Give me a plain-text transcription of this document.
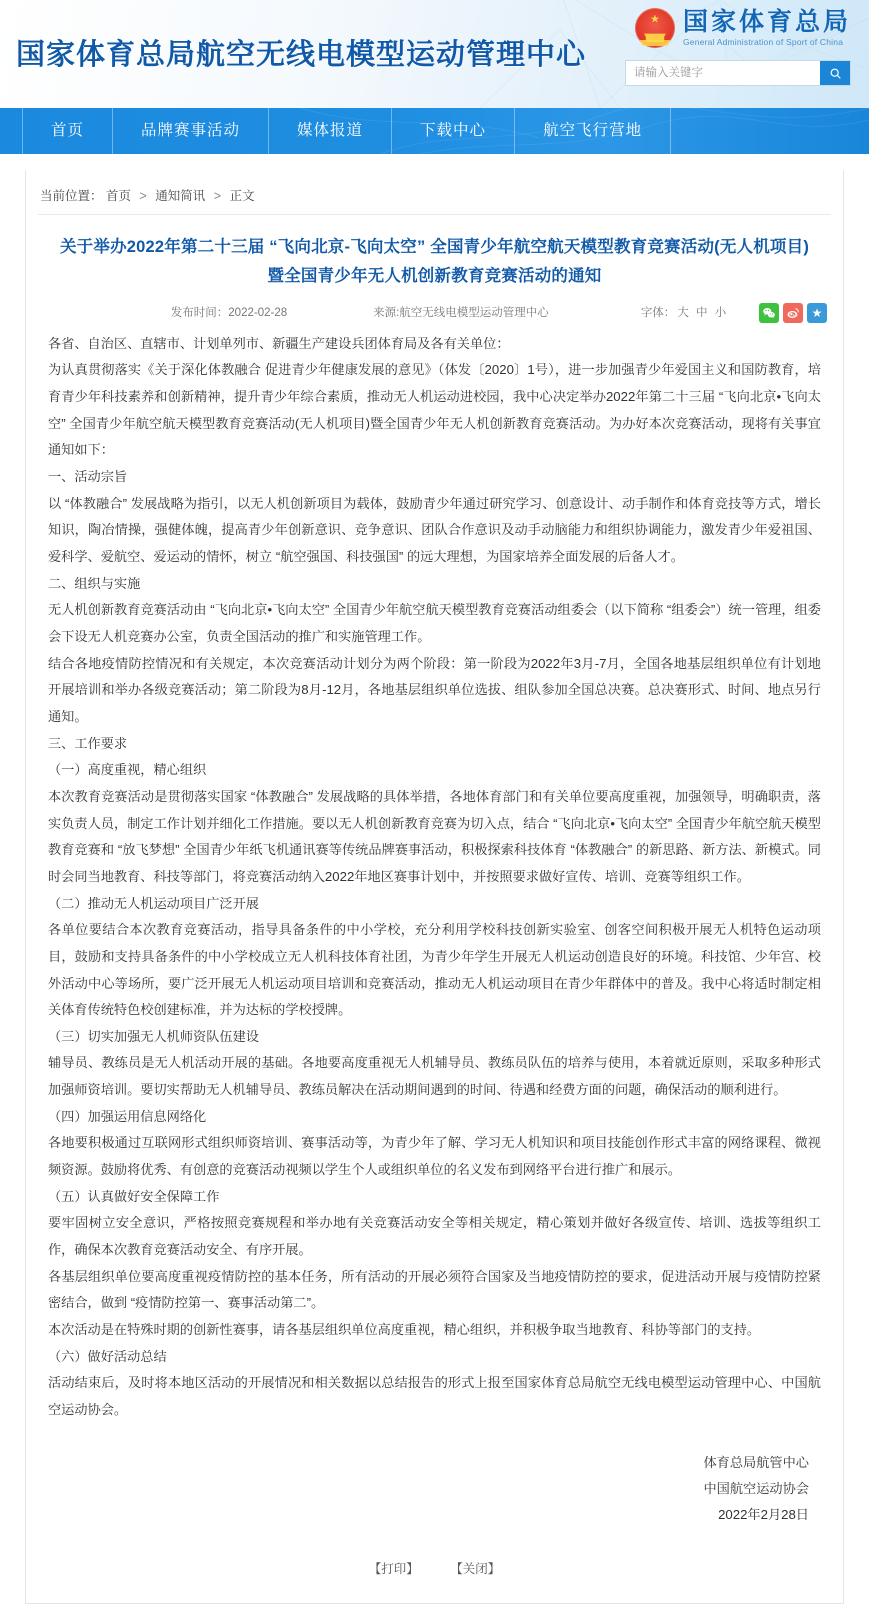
国家体育总局航空无线电模型运动管理中心
★ 国家体育总局
General Administration of Sport of China
请输入关键字
首页	品牌赛事活动	媒体报道	下载中心	航空飞行营地
当前位置： 首页 > 通知简讯 > 正文
关于举办2022年第二十三届 “飞向北京-飞向太空” 全国青少年航空航天模型教育竞赛活动(无人机项目)暨全国青少年无人机创新教育竞赛活动的通知
发布时间：2022-02-28	来源:航空无线电模型运动管理中心	字体： 大 中 小	★

各省、自治区、直辖市、计划单列市、新疆生产建设兵团体育局及各有关单位：

为认真贯彻落实《关于深化体教融合 促进青少年健康发展的意见》（体发〔2020〕1号），进一步加强青少年爱国主义和国防教育，培育青少年科技素养和创新精神，提升青少年综合素质，推动无人机运动进校园，我中心决定举办2022年第二十三届 “飞向北京•飞向太空” 全国青少年航空航天模型教育竞赛活动(无人机项目)暨全国青少年无人机创新教育竞赛活动。为办好本次竞赛活动，现将有关事宜通知如下：

一、活动宗旨

以 “体教融合” 发展战略为指引，以无人机创新项目为载体，鼓励青少年通过研究学习、创意设计、动手制作和体育竞技等方式，增长知识，陶冶情操，强健体魄，提高青少年创新意识、竞争意识、团队合作意识及动手动脑能力和组织协调能力，激发青少年爱祖国、爱科学、爱航空、爱运动的情怀，树立 “航空强国、科技强国” 的远大理想，为国家培养全面发展的后备人才。

二、组织与实施

无人机创新教育竞赛活动由 “飞向北京•飞向太空” 全国青少年航空航天模型教育竞赛活动组委会（以下简称 “组委会”）统一管理，组委会下设无人机竞赛办公室，负责全国活动的推广和实施管理工作。

结合各地疫情防控情况和有关规定，本次竞赛活动计划分为两个阶段：第一阶段为2022年3月-7月，全国各地基层组织单位有计划地开展培训和举办各级竞赛活动；第二阶段为8月-12月，各地基层组织单位选拔、组队参加全国总决赛。总决赛形式、时间、地点另行通知。

三、工作要求

（一）高度重视，精心组织

本次教育竞赛活动是贯彻落实国家 “体教融合” 发展战略的具体举措，各地体育部门和有关单位要高度重视，加强领导，明确职责，落实负责人员，制定工作计划并细化工作措施。要以无人机创新教育竞赛为切入点，结合 “飞向北京•飞向太空” 全国青少年航空航天模型教育竞赛和 “放飞梦想” 全国青少年纸飞机通讯赛等传统品牌赛事活动，积极探索科技体育 “体教融合” 的新思路、新方法、新模式。同时会同当地教育、科技等部门，将竞赛活动纳入2022年地区赛事计划中，并按照要求做好宣传、培训、竞赛等组织工作。

（二）推动无人机运动项目广泛开展

各单位要结合本次教育竞赛活动，指导具备条件的中小学校，充分利用学校科技创新实验室、创客空间积极开展无人机特色运动项目，鼓励和支持具备条件的中小学校成立无人机科技体育社团，为青少年学生开展无人机运动创造良好的环境。科技馆、少年宫、校外活动中心等场所，要广泛开展无人机运动项目培训和竞赛活动，推动无人机运动项目在青少年群体中的普及。我中心将适时制定相关体育传统特色校创建标准，并为达标的学校授牌。

（三）切实加强无人机师资队伍建设

辅导员、教练员是无人机活动开展的基础。各地要高度重视无人机辅导员、教练员队伍的培养与使用，本着就近原则，采取多种形式加强师资培训。要切实帮助无人机辅导员、教练员解决在活动期间遇到的时间、待遇和经费方面的问题，确保活动的顺利进行。

（四）加强运用信息网络化

各地要积极通过互联网形式组织师资培训、赛事活动等，为青少年了解、学习无人机知识和项目技能创作形式丰富的网络课程、微视频资源。鼓励将优秀、有创意的竞赛活动视频以学生个人或组织单位的名义发布到网络平台进行推广和展示。

（五）认真做好安全保障工作

要牢固树立安全意识，严格按照竞赛规程和举办地有关竞赛活动安全等相关规定，精心策划并做好各级宣传、培训、选拔等组织工作，确保本次教育竞赛活动安全、有序开展。

各基层组织单位要高度重视疫情防控的基本任务，所有活动的开展必须符合国家及当地疫情防控的要求，促进活动开展与疫情防控紧密结合，做到 “疫情防控第一、赛事活动第二”。

本次活动是在特殊时期的创新性赛事，请各基层组织单位高度重视，精心组织，并积极争取当地教育、科协等部门的支持。

（六）做好活动总结

活动结束后，及时将本地区活动的开展情况和相关数据以总结报告的形式上报至国家体育总局航空无线电模型运动管理中心、中国航空运动协会。

体育总局航管中心
中国航空运动协会
2022年2月28日
【打印】	【关闭】
